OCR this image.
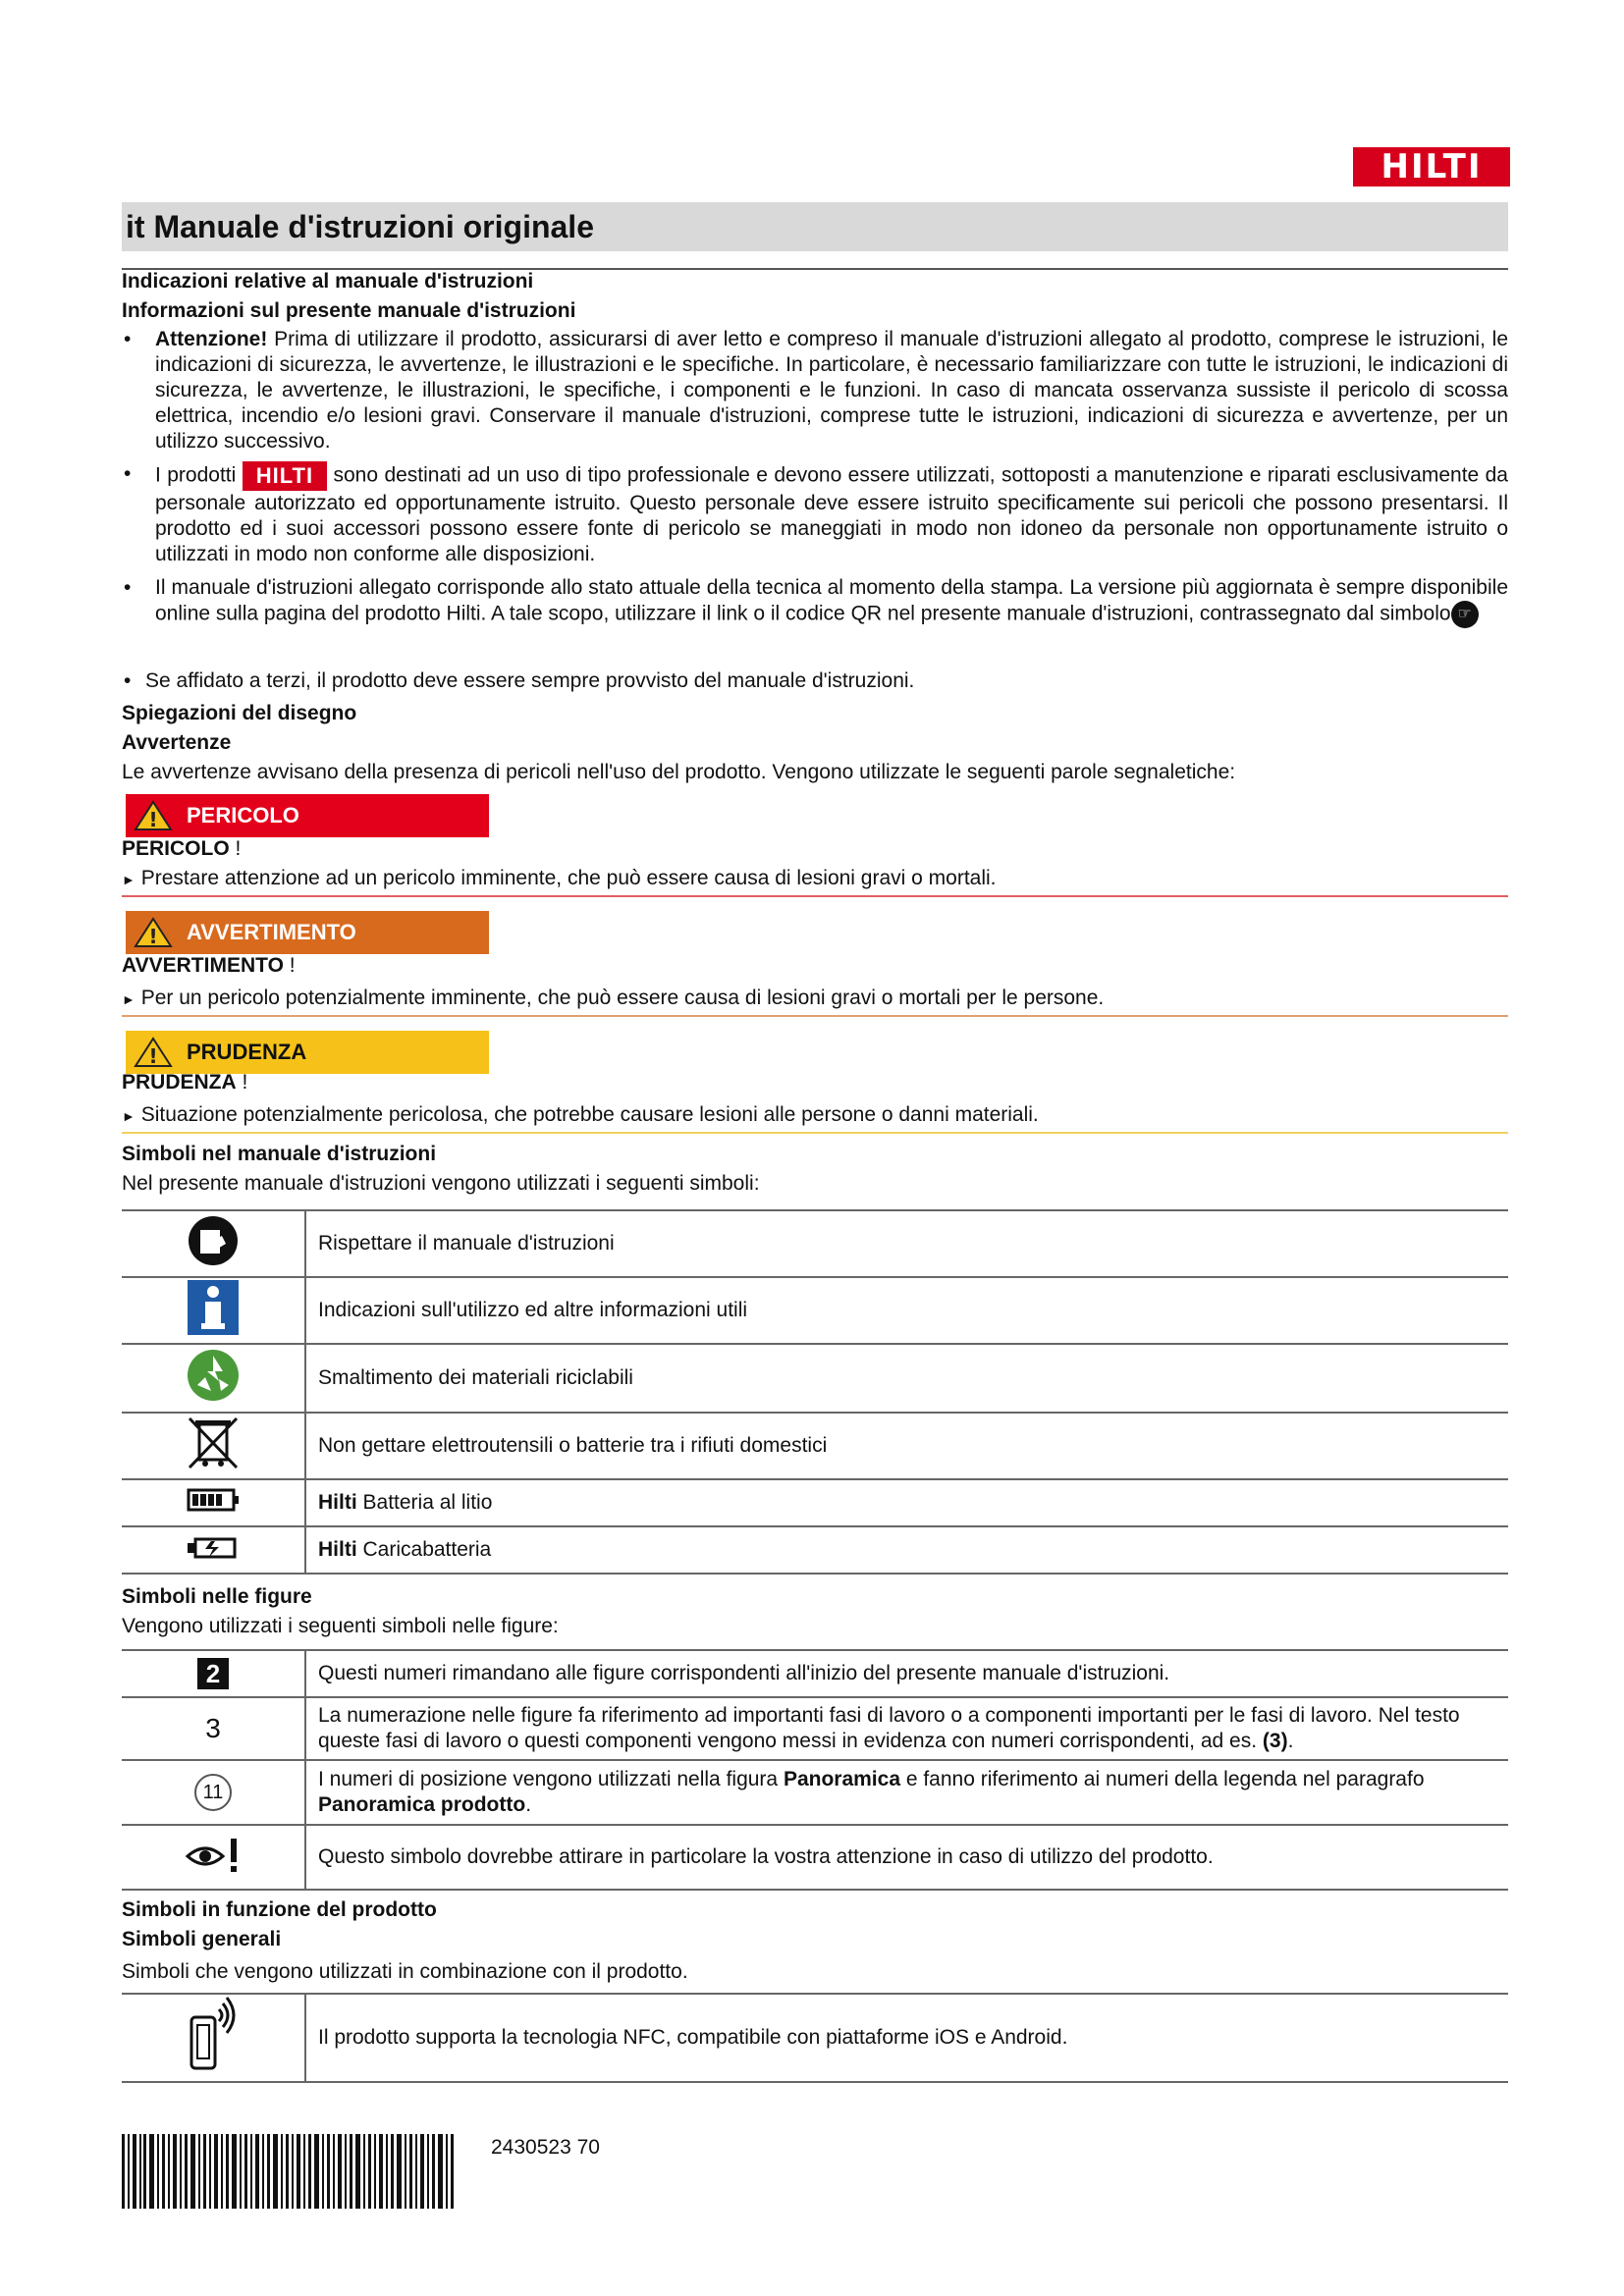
HILTI
it Manuale d'istruzioni originale
Indicazioni relative al manuale d'istruzioni
Informazioni sul presente manuale d'istruzioni
• Attenzione! Prima di utilizzare il prodotto, assicurarsi di aver letto e compreso il manuale d'istruzioni allegato al prodotto, comprese le istruzioni, le indicazioni di sicurezza, le avvertenze, le illustrazioni e le specifiche. In particolare, è necessario familiarizzare con tutte le istruzioni, le indicazioni di sicurezza, le avvertenze, le illustrazioni, le specifiche, i componenti e le funzioni. In caso di mancata osservanza sussiste il pericolo di scossa elettrica, incendio e/o lesioni gravi. Conservare il manuale d'istruzioni, comprese tutte le istruzioni, indicazioni di sicurezza e avvertenze, per un utilizzo successivo.
• I prodotti HILTI sono destinati ad un uso di tipo professionale e devono essere utilizzati, sottoposti a manutenzione e riparati esclusivamente da personale autorizzato ed opportunamente istruito. Questo personale deve essere istruito specificamente sui pericoli che possono presentarsi. Il prodotto ed i suoi accessori possono essere fonte di pericolo se maneggiati in modo non idoneo da personale non opportunamente istruito o utilizzati in modo non conforme alle disposizioni.
• Il manuale d'istruzioni allegato corrisponde allo stato attuale della tecnica al momento della stampa. La versione più aggiornata è sempre disponibile online sulla pagina del prodotto Hilti. A tale scopo, utilizzare il link o il codice QR nel presente manuale d'istruzioni, contrassegnato dal simbolo ☞
• Se affidato a terzi, il prodotto deve essere sempre provvisto del manuale d'istruzioni.
Spiegazioni del disegno
Avvertenze
Le avvertenze avvisano della presenza di pericoli nell'uso del prodotto. Vengono utilizzate le seguenti parole segnaletiche:
! PERICOLO
PERICOLO !
► Prestare attenzione ad un pericolo imminente, che può essere causa di lesioni gravi o mortali.
! AVVERTIMENTO
AVVERTIMENTO !
► Per un pericolo potenzialmente imminente, che può essere causa di lesioni gravi o mortali per le persone.
! PRUDENZA
PRUDENZA !
► Situazione potenzialmente pericolosa, che potrebbe causare lesioni alle persone o danni materiali.
Simboli nel manuale d'istruzioni
Nel presente manuale d'istruzioni vengono utilizzati i seguenti simboli:
	Rispettare il manuale d'istruzioni
	Indicazioni sull'utilizzo ed altre informazioni utili
	Smaltimento dei materiali riciclabili
	Non gettare elettroutensili o batterie tra i rifiuti domestici
	Hilti Batteria al litio
	Hilti Caricabatteria
Simboli nelle figure
Vengono utilizzati i seguenti simboli nelle figure:
2	Questi numeri rimandano alle figure corrispondenti all'inizio del presente manuale d'istruzioni.
3	La numerazione nelle figure fa riferimento ad importanti fasi di lavoro o a componenti importanti per le fasi di lavoro. Nel testo queste fasi di lavoro o questi componenti vengono messi in evidenza con numeri corrispondenti, ad es. (3).
11	I numeri di posizione vengono utilizzati nella figura Panoramica e fanno riferimento ai numeri della legenda nel paragrafo Panoramica prodotto.
	Questo simbolo dovrebbe attirare in particolare la vostra attenzione in caso di utilizzo del prodotto.
Simboli in funzione del prodotto
Simboli generali
Simboli che vengono utilizzati in combinazione con il prodotto.
	Il prodotto supporta la tecnologia NFC, compatibile con piattaforme iOS e Android.
2430523 70
